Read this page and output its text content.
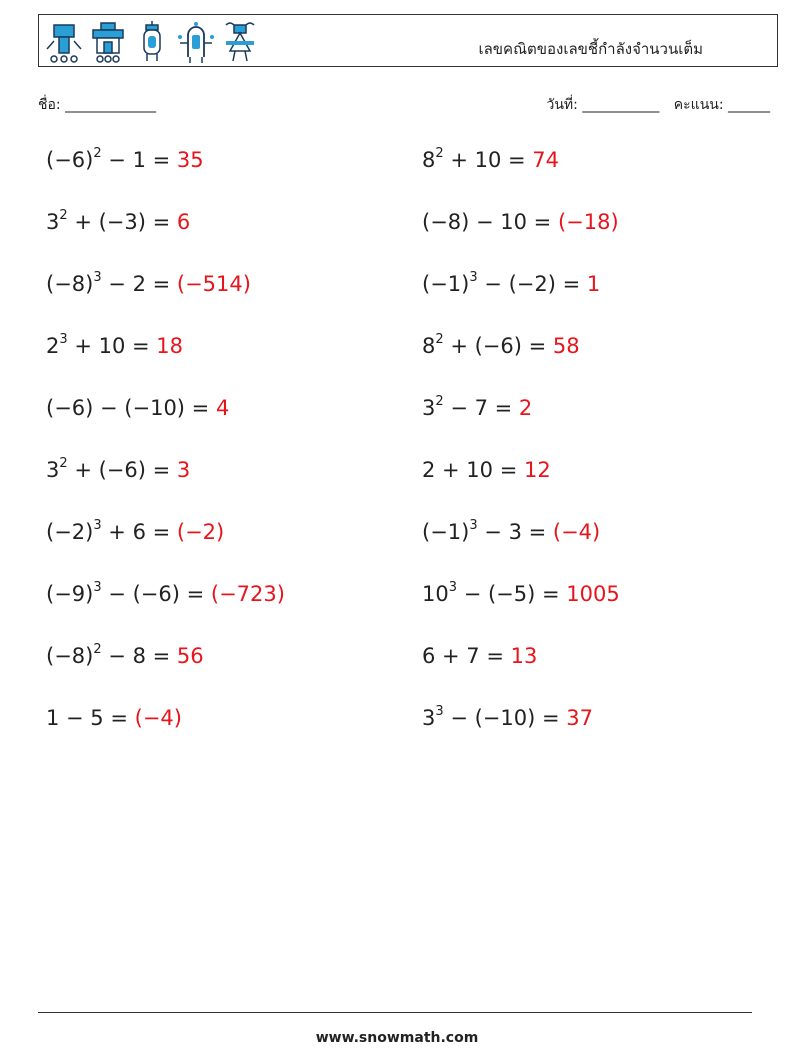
เลขคณิตของเลขชี้กำลังจำนวนเต็ม
ชื่อ: _____________	วันที่: ___________ คะแนน: ______
$(-6)^2 - 1 = 35$	$8^2 + 10 = 74$
$3^2 + (-3) = 6$	(−8) − 10 = (−18)
$(-8)^3 - 2 = (-514)$	$(-1)^3 - (-2) = 1$
$2^3 + 10 = 18$	$8^2 + (-6) = 58$
(−6) − (−10) = 4	$3^2 - 7 = 2$
$3^2 + (-6) = 3$	2 + 10 = 12
$(-2)^3 + 6 = (-2)$	$(-1)^3 - 3 = (-4)$
$(-9)^3 - (-6) = (-723)$	$10^3 - (-5) = 1005$
$(-8)^2 - 8 = 56$	6 + 7 = 13
1 − 5 = (−4)	$3^3 - (-10) = 37$
www.snowmath.com
